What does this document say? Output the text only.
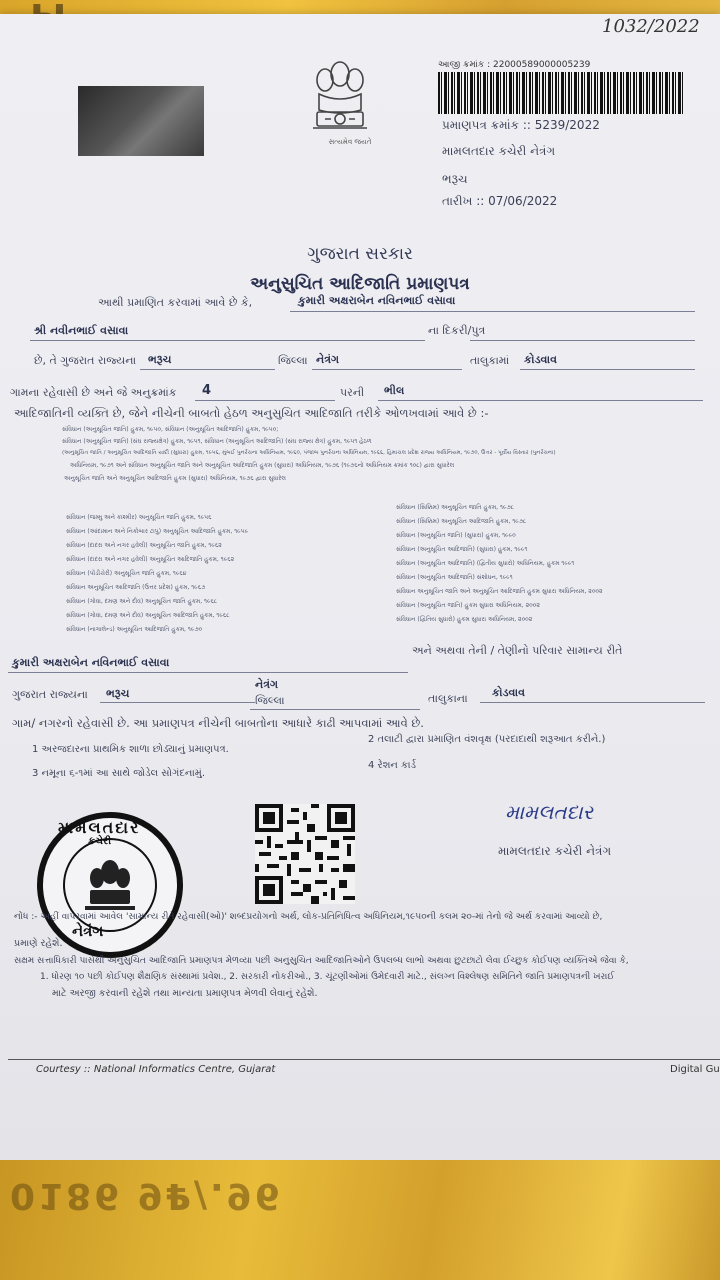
1032/2022
સત્યમેવ જયતે
આજી ક્રમાંક : 22000589000005239
પ્રમાણપત્ર ક્રમાંક :: 5239/2022
મામલતદાર કચેરી નેત્રંગ
ભરૂચ
તારીખ :: 07/06/2022
ગુજરાત સરકાર
અનુસુચિત આદિજાતિ પ્રમાણપત્ર
આથી પ્રમાણિત કરવામાં આવે છે કે,	કુમારી અક્ષરાબેન નવિનભાઈ વસાવા
શ્રી નવીનભાઈ વસાવા	ના દિકરી/પુત્ર
છે, તે ગુજરાત રાજ્યના ભરૂચ	જિલ્લા નેત્રંગ	તાલુકામાં કોડવાવ
ગામના રહેવાસી છે અને જે અનુક્રમાંક 4	પરની ભીલ
આદિજાતિની વ્યક્તિ છે, જેને નીચેની બાબતો હેઠળ અનુસુચિત આદિજાતિ તરીકે ઓળખવામાં આવે છે :-
સંવિધાન (અનુસૂચિત જાતિ) હુકમ, ૧૯૫૦, સંવિધાન (અનુસૂચિત આદિજાતિ) હુકમ, ૧૯૫૦;
સંવિધાન (અનુસૂચિત જાતિ) (સંઘ રાજ્યક્ષેત્ર) હુકમ, ૧૯૫૧, સંવિધાન (અનુસૂચિત આદિજાતિ) (સંઘ રાજ્ય ક્ષેત્ર) હુકમ, ૧૯૫૧ હેઠળ
(અનુસૂચિત જાતિ / અનુસૂચિત આદિજાતિ યાદી (સુધારા) હુકમ, ૧૯૫૬, મુંબઈ પુનર્રચના અધિનિયમ, ૧૯૬૦, પંજાબ પુનર્રચના અધિનિયમ, ૧૯૬૬, હિમાચલ પ્રદેશ રાજ્ય અધિનિયમ, ૧૯૭૦, ઉત્તર - પૂર્વીય વિસ્તાર (પુનર્રચના)
અધિનિયમ, ૧૯૭૧ અને સંવિધાન અનુસૂચિત જાતિ અને અનુસૂચિત આદિજાતિ હુકમ (સુધારા) અધિનિયમ, ૧૯૭૬ (૧૯૭૬નો અધિનિયમ ક્રમાંક ૧૦૮) દ્વારા સુધારેલ
અનુસૂચિત જાતિ અને અનુસૂચિત આદિજાતિ હુકમ (સુધારા) અધિનિયમ, ૧૯૭૬ દ્વારા સુધારેલ
સંવિધાન (જમ્મુ અને કાશ્મીર) અનુસૂચિત જાતિ હુકમ, ૧૯૫૬
સંવિધાન (આંદામાન અને નિકોબાર ટાપુ) અનુસૂચિત આદિજાતિ હુકમ, ૧૯૫૯
સંવિધાન (દાદરા અને નગર હવેલી) અનુસૂચિત જાતિ હુકમ, ૧૯૬૨
સંવિધાન (દાદરા અને નગર હવેલી) અનુસૂચિત આદિજાતિ હુકમ, ૧૯૬૨
સંવિધાન (પોંડીચેરી) અનુસૂચિત જાતિ હુકમ, ૧૯૬૪
સંવિધાન અનુસૂચિત આદિજાતિ (ઉત્તર પ્રદેશ) હુકમ, ૧૯૬૭
સંવિધાન (ગોવા, દમણ અને દીવ) અનુસૂચિત જાતિ હુકમ, ૧૯૬૮
સંવિધાન (ગોવા, દમણ અને દીવ) અનુસૂચિત આદિજાતિ હુકમ, ૧૯૬૮
સંવિધાન (નાગાલેન્ડ) અનુસૂચિત આદિજાતિ હુકમ, ૧૯૭૦
સંવિધાન (સિક્કિમ) અનુસૂચિત જાતિ હુકમ, ૧૯૭૮
સંવિધાન (સિક્કિમ) અનુસૂચિત આદિજાતિ હુકમ, ૧૯૭૮
સંવિધાન (અનુસૂચિત જાતિ) (સુધારા) હુકમ, ૧૯૯૦
સંવિધાન (અનુસૂચિત આદિજાતિ) (સુધારા) હુકમ, ૧૯૯૧
સંવિધાન (અનુસૂચિત આદિજાતિ) (દ્વિતીય સુધારો) અધિનિયમ, હુકમ ૧૯૯૧
સંવિધાન (અનુસૂચિત આદિજાતિ) સંશોધન, ૧૯૯૧
સંવિધાન અનુસૂચિત જાતિ અને અનુસૂચિત આદિજાતિ હુકમ સુધારા અધિનિયમ, ૨૦૦૨
સંવિધાન (અનુસૂચિત જાતિ) હુકમ સુધારા અધિનિયમ, ૨૦૦૨
સંવિધાન (દ્વિતિય સુધારો) હુકમ સુધારા અધિનિયમ, ૨૦૦૨
કુમારી અક્ષરાબેન નવિનભાઈ વસાવા
અને અથવા તેની / તેણીનો પરિવાર સામાન્ય રીતે
ગુજરાત રાજ્યના ભરૂચ
નેત્રંગ
જિલ્લા	તાલુકાના કોડવાવ
ગામ/ નગરનો રહેવાસી છે. આ પ્રમાણપત્ર નીચેની બાબતોના આધારે કાઢી આપવામાં આવે છે.
1 અરજદારના પ્રાથમિક શાળા છોડ્યાનું પ્રમાણપત્ર.
2 તલાટી દ્વારા પ્રમાણિત વંશવૃક્ષ (પરદાદાથી શરૂઆત કરીને.)
3 નમૂના ૬-૧માં આ સાથે જોડેલ સોગંદનામું.
4 રેશન કાર્ડ
મામલતદાર
કચેરી
નેત્રંગ
મામલતદાર
મામલતદાર કચેરી નેત્રંગ
નોંધ :- અહીં વાપરવામાં આવેલ 'સામાન્ય રીતે રહેવાસી(ઓ)' શબ્દપ્રયોગનો અર્થ, લોક-પ્રતિનિધિત્વ અધિનિયમ,૧૯૫૦ની કલમ ૨૦-માં તેનો જે અર્થ કરવામાં આવ્યો છે,
પ્રમાણે રહેશે.
સક્ષમ સત્તાધિકારી પાસેથી અનુસુચિત આદિજાતિ પ્રમાણપત્ર મેળવ્યા પછી અનુસુચિત આદિજાતિઓને ઉપલબ્ધ લાભો અથવા છુટછાટો લેવા ઈચ્છુક કોઈપણ વ્યક્તિએ જેવા કે,
1. ધોરણ ૧૦ પછી કોઈપણ શૈક્ષણિક સંસ્થામાં પ્રવેશ., 2. સરકારી નોકરીઓ., 3. ચૂંટણીઓમાં ઉમેદવારી માટે., સંલગ્ન વિશ્લેષણ સમિતિને જાતિ પ્રમાણપત્રની ખરાઈ
માટે અરજી કરવાની રહેશે તથા માન્યતા પ્રમાણપત્ર મેળવી લેવાનું રહેશે.
Courtesy :: National Informatics Centre, Gujarat	Digital Gu
0186 9₽/.96
